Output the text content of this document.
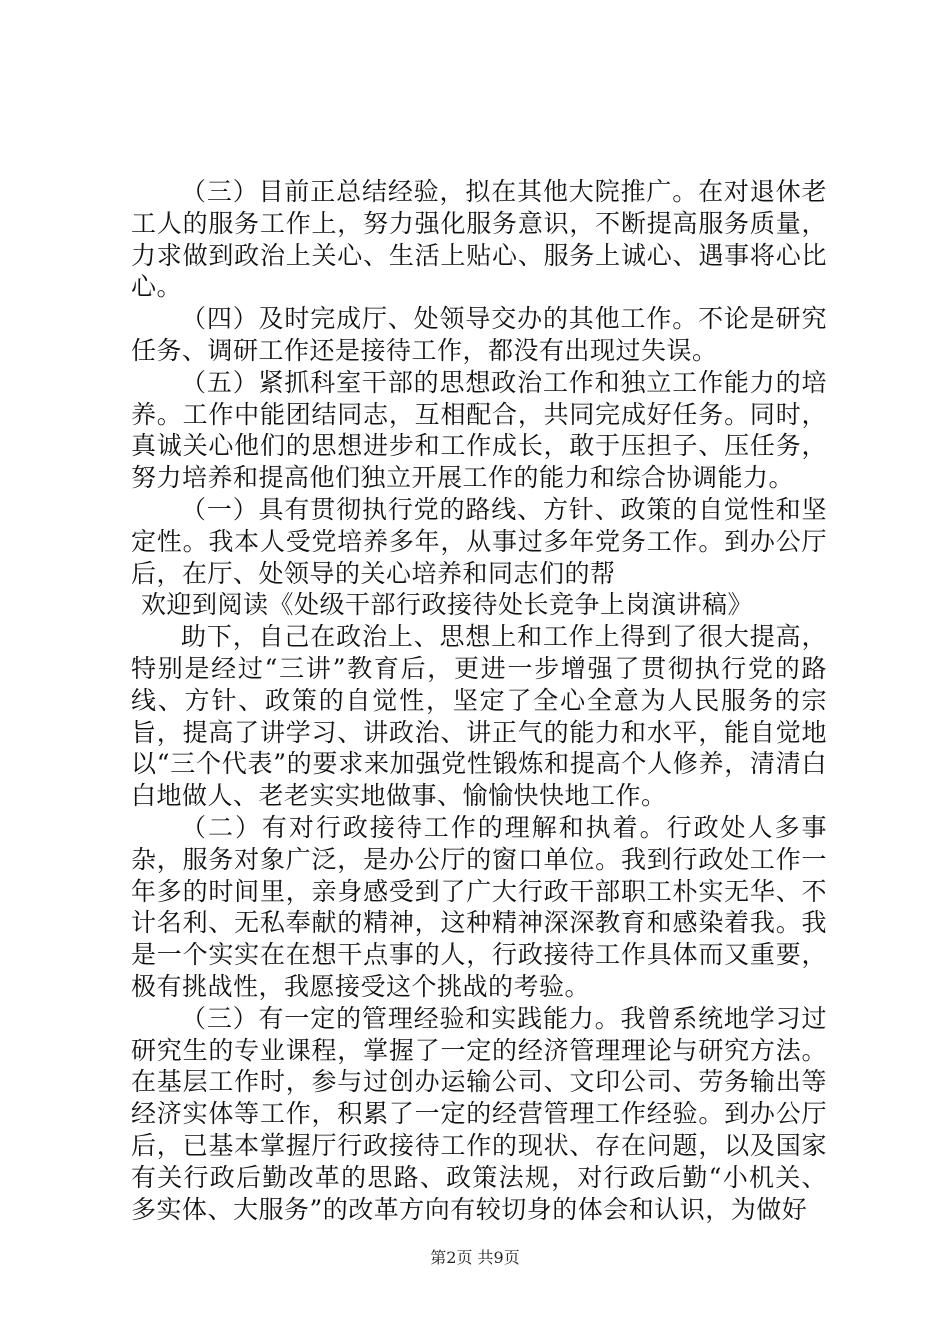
（三）目前正总结经验，拟在其他大院推广。在对退休老工人的服务工作上，努力强化服务意识，不断提高服务质量，力求做到政治上关心、生活上贴心、服务上诚心、遇事将心比心。

（四）及时完成厅、处领导交办的其他工作。不论是研究任务、调研工作还是接待工作，都没有出现过失误。

（五）紧抓科室干部的思想政治工作和独立工作能力的培养。工作中能团结同志，互相配合，共同完成好任务。同时，真诚关心他们的思想进步和工作成长，敢于压担子、压任务，努力培养和提高他们独立开展工作的能力和综合协调能力。

（一）具有贯彻执行党的路线、方针、政策的自觉性和坚定性。我本人受党培养多年，从事过多年党务工作。到办公厅后，在厅、处领导的关心培养和同志们的帮

欢迎到阅读《处级干部行政接待处长竞争上岗演讲稿》

助下，自己在政治上、思想上和工作上得到了很大提高，特别是经过“三讲”教育后，更进一步增强了贯彻执行党的路线、方针、政策的自觉性，坚定了全心全意为人民服务的宗旨，提高了讲学习、讲政治、讲正气的能力和水平，能自觉地以“三个代表”的要求来加强党性锻炼和提高个人修养，清清白白地做人、老老实实地做事、愉愉快快地工作。

（二）有对行政接待工作的理解和执着。行政处人多事杂，服务对象广泛，是办公厅的窗口单位。我到行政处工作一年多的时间里，亲身感受到了广大行政干部职工朴实无华、不计名利、无私奉献的精神，这种精神深深教育和感染着我。我是一个实实在在想干点事的人，行政接待工作具体而又重要，极有挑战性，我愿接受这个挑战的考验。

（三）有一定的管理经验和实践能力。我曾系统地学习过研究生的专业课程，掌握了一定的经济管理理论与研究方法。在基层工作时，参与过创办运输公司、文印公司、劳务输出等经济实体等工作，积累了一定的经营管理工作经验。到办公厅后，已基本掌握厅行政接待工作的现状、存在问题，以及国家有关行政后勤改革的思路、政策法规，对行政后勤“小机关、多实体、大服务”的改革方向有较切身的体会和认识，为做好

第2页 共9页
